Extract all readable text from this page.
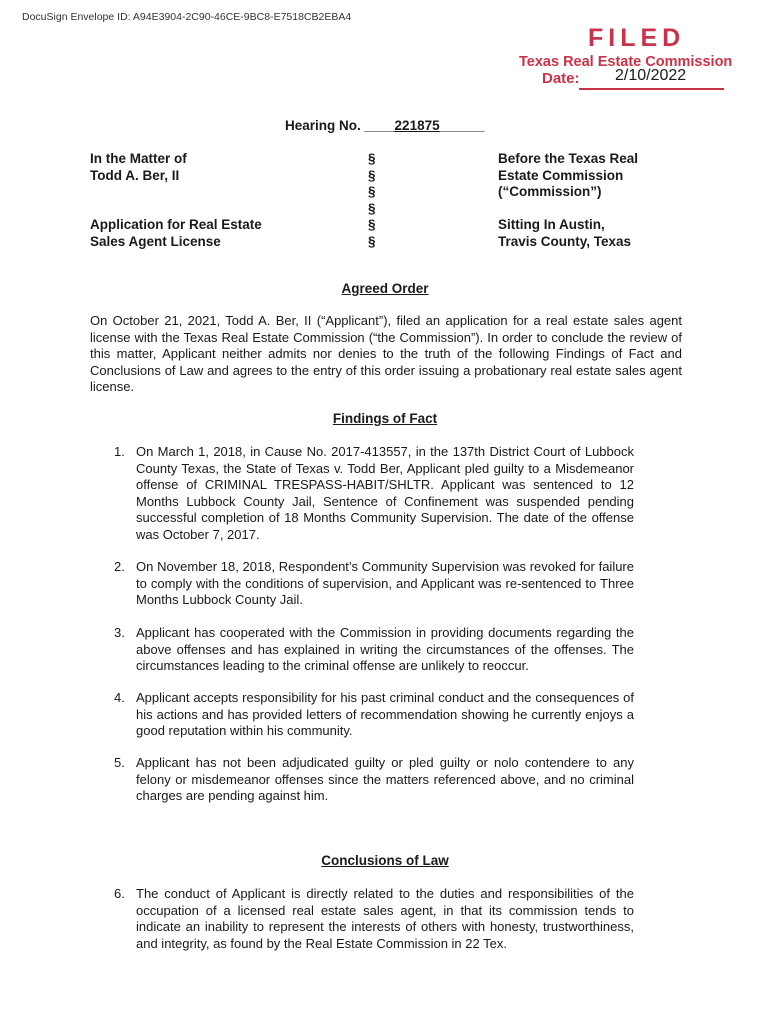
DocuSign Envelope ID: A94E3904-2C90-46CE-9BC8-E7518CB2EBA4
FILED
Texas Real Estate Commission
Date: 2/10/2022
Hearing No. ____221875______
In the Matter of
Todd A. Ber, II
Application for Real Estate
Sales Agent License
§
§
§
§
§
§
Before the Texas Real
Estate Commission
(“Commission”)
Sitting In Austin,
Travis County, Texas
Agreed Order
On October 21, 2021, Todd A. Ber, II (“Applicant”), filed an application for a real estate sales agent license with the Texas Real Estate Commission (“the Commission”). In order to conclude the review of this matter, Applicant neither admits nor denies to the truth of the following Findings of Fact and Conclusions of Law and agrees to the entry of this order issuing a probationary real estate sales agent license.
Findings of Fact
1. On March 1, 2018, in Cause No. 2017-413557, in the 137th District Court of Lubbock County Texas, the State of Texas v. Todd Ber, Applicant pled guilty to a Misdemeanor offense of CRIMINAL TRESPASS-HABIT/SHLTR. Applicant was sentenced to 12 Months Lubbock County Jail, Sentence of Confinement was suspended pending successful completion of 18 Months Community Supervision. The date of the offense was October 7, 2017.
2. On November 18, 2018, Respondent’s Community Supervision was revoked for failure to comply with the conditions of supervision, and Applicant was re-sentenced to Three Months Lubbock County Jail.
3. Applicant has cooperated with the Commission in providing documents regarding the above offenses and has explained in writing the circumstances of the offenses. The circumstances leading to the criminal offense are unlikely to reoccur.
4. Applicant accepts responsibility for his past criminal conduct and the consequences of his actions and has provided letters of recommendation showing he currently enjoys a good reputation within his community.
5. Applicant has not been adjudicated guilty or pled guilty or nolo contendere to any felony or misdemeanor offenses since the matters referenced above, and no criminal charges are pending against him.
Conclusions of Law
6. The conduct of Applicant is directly related to the duties and responsibilities of the occupation of a licensed real estate sales agent, in that its commission tends to indicate an inability to represent the interests of others with honesty, trustworthiness, and integrity, as found by the Real Estate Commission in 22 Tex.
